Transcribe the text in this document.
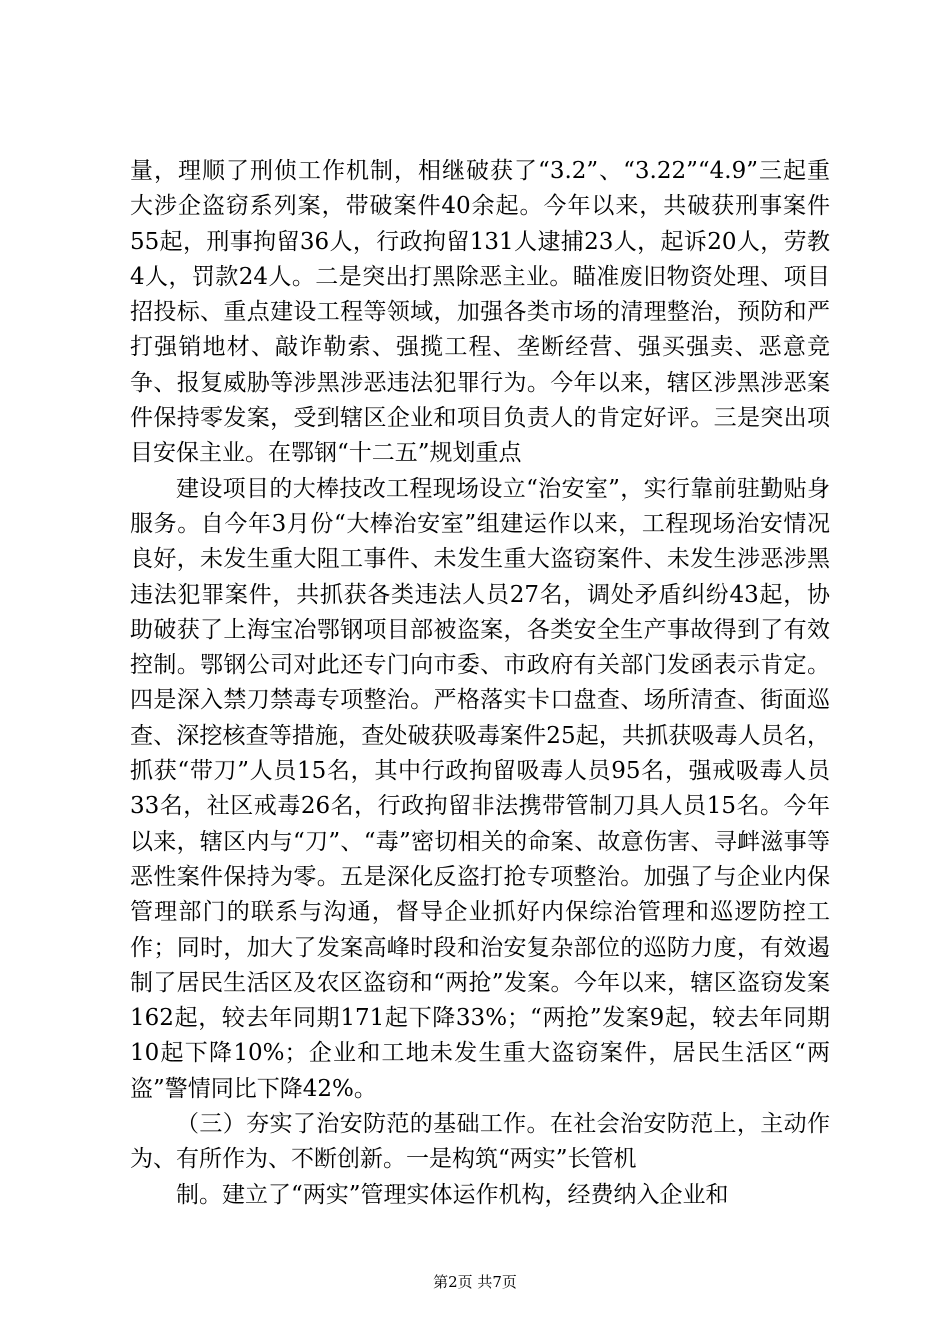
量，理顺了刑侦工作机制，相继破获了“3.2”、“3.22”“4.9”三起重大涉企盗窃系列案，带破案件40余起。今年以来，共破获刑事案件55起，刑事拘留36人，行政拘留131人逮捕23人，起诉20人，劳教4人，罚款24人。二是突出打黑除恶主业。瞄准废旧物资处理、项目招投标、重点建设工程等领域，加强各类市场的清理整治，预防和严打强销地材、敲诈勒索、强揽工程、垄断经营、强买强卖、恶意竞争、报复威胁等涉黑涉恶违法犯罪行为。今年以来，辖区涉黑涉恶案件保持零发案，受到辖区企业和项目负责人的肯定好评。三是突出项目安保主业。在鄂钢“十二五”规划重点

建设项目的大棒技改工程现场设立“治安室”，实行靠前驻勤贴身服务。自今年3月份“大棒治安室”组建运作以来，工程现场治安情况良好，未发生重大阻工事件、未发生重大盗窃案件、未发生涉恶涉黑违法犯罪案件，共抓获各类违法人员27名，调处矛盾纠纷43起，协助破获了上海宝冶鄂钢项目部被盗案，各类安全生产事故得到了有效控制。鄂钢公司对此还专门向市委、市政府有关部门发函表示肯定。四是深入禁刀禁毒专项整治。严格落实卡口盘查、场所清查、街面巡查、深挖核查等措施，查处破获吸毒案件25起，共抓获吸毒人员名，抓获“带刀”人员15名，其中行政拘留吸毒人员95名，强戒吸毒人员33名，社区戒毒26名，行政拘留非法携带管制刀具人员15名。今年以来，辖区内与“刀”、“毒”密切相关的命案、故意伤害、寻衅滋事等恶性案件保持为零。五是深化反盗打抢专项整治。加强了与企业内保管理部门的联系与沟通，督导企业抓好内保综治管理和巡逻防控工作；同时，加大了发案高峰时段和治安复杂部位的巡防力度，有效遏制了居民生活区及农区盗窃和“两抢”发案。今年以来，辖区盗窃发案162起，较去年同期171起下降33%；“两抢”发案9起，较去年同期10起下降10%；企业和工地未发生重大盗窃案件，居民生活区“两盗”警情同比下降42%。

（三）夯实了治安防范的基础工作。在社会治安防范上，主动作为、有所作为、不断创新。一是构筑“两实”长管机

制。建立了“两实”管理实体运作机构，经费纳入企业和

第2页 共7页
